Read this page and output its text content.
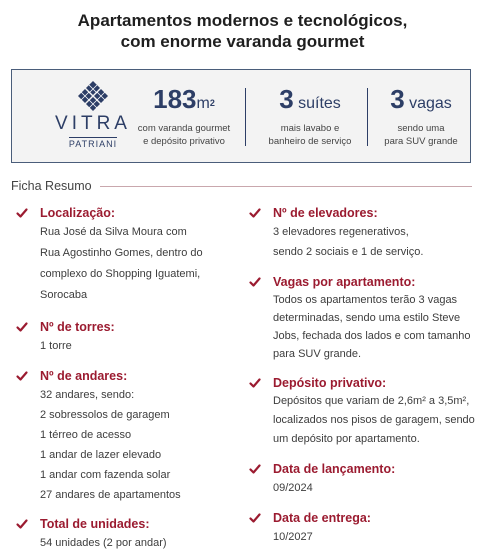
Apartamentos modernos e tecnológicos,
com enorme varanda gourmet
VITRA
PATRIANI
$183m^2$
com varanda gourmet
e depósito privativo
3 suítes
mais lavabo e
banheiro de serviço
3 vagas
sendo uma
para SUV grande
Ficha Resumo
Localização:
Rua José da Silva Moura com
Rua Agostinho Gomes, dentro do
complexo do Shopping Iguatemi, Sorocaba
Nº de torres:
1 torre
Nº de andares:
32 andares, sendo:
2 sobressolos de garagem
1 térreo de acesso
1 andar de lazer elevado
1 andar com fazenda solar
27 andares de apartamentos
Total de unidades:
54 unidades (2 por andar)
Nº de elevadores:
3 elevadores regenerativos,
sendo 2 sociais e 1 de serviço.
Vagas por apartamento:
Todos os apartamentos terão 3 vagas
determinadas, sendo uma estilo Steve
Jobs, fechada dos lados e com tamanho
para SUV grande.
Depósito privativo:
Depósitos que variam de 2,6m² a 3,5m²,
localizados nos pisos de garagem, sendo
um depósito por apartamento.
Data de lançamento:
09/2024
Data de entrega:
10/2027
